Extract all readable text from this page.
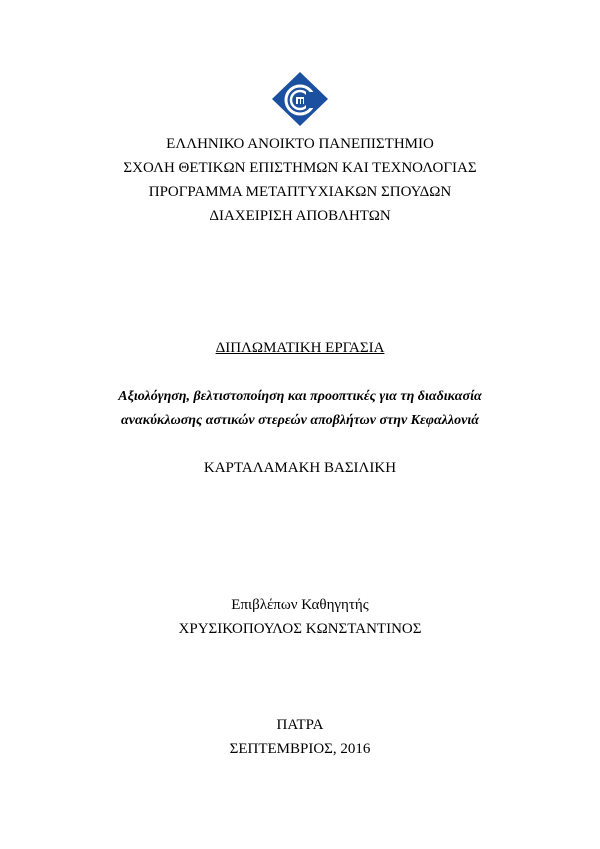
ΕΛΛΗΝΙΚΟ ΑΝΟΙΚΤΟ ΠΑΝΕΠΙΣΤΗΜΙΟ
ΣΧΟΛΗ ΘΕΤΙΚΩΝ ΕΠΙΣΤΗΜΩΝ ΚΑΙ ΤΕΧΝΟΛΟΓΙΑΣ
ΠΡΟΓΡΑΜΜΑ ΜΕΤΑΠΤΥΧΙΑΚΩΝ ΣΠΟΥΔΩΝ
ΔΙΑΧΕΙΡΙΣΗ ΑΠΟΒΛΗΤΩΝ
ΔΙΠΛΩΜΑΤΙΚΗ ΕΡΓΑΣΙΑ
Αξιολόγηση, βελτιστοποίηση και προοπτικές για τη διαδικασία
ανακύκλωσης αστικών στερεών αποβλήτων στην Κεφαλλονιά
ΚΑΡΤΑΛΑΜΑΚΗ ΒΑΣΙΛΙΚΗ
Επιβλέπων Καθηγητής
ΧΡΥΣΙΚΟΠΟΥΛΟΣ ΚΩΝΣΤΑΝΤΙΝΟΣ
ΠΑΤΡΑ
ΣΕΠΤΕΜΒΡΙΟΣ, 2016
